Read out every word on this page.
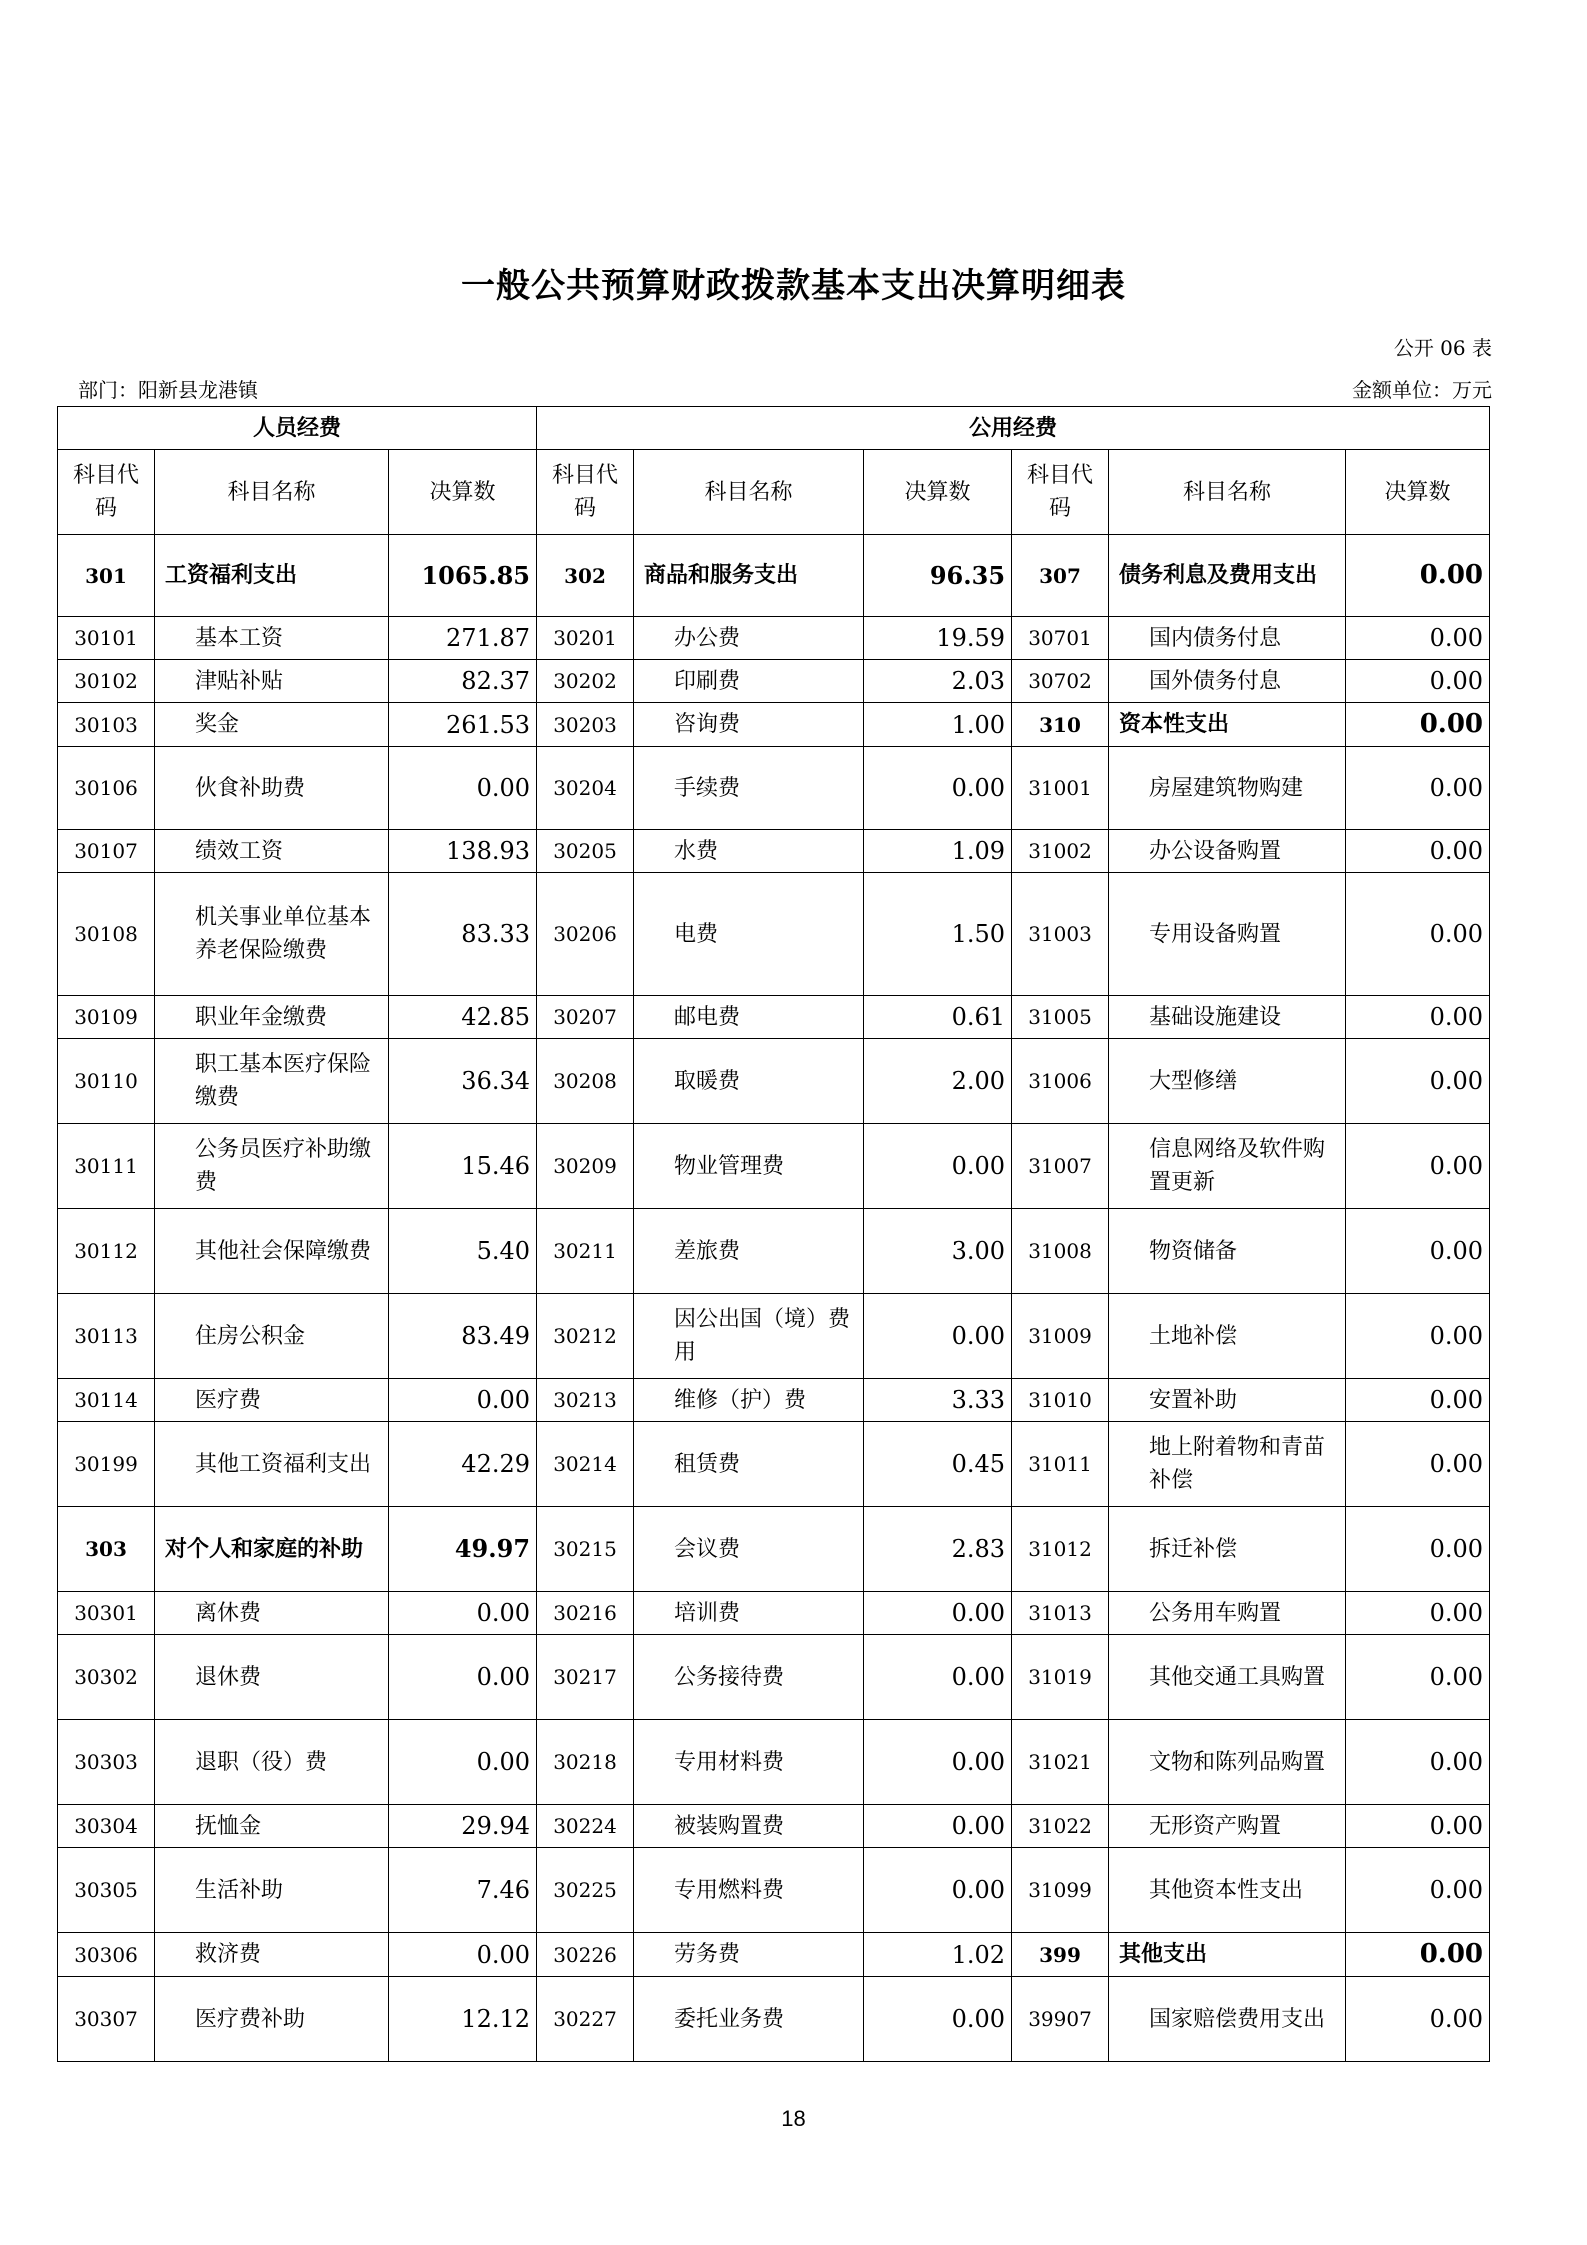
一般公共预算财政拨款基本支出决算明细表
公开 06 表
部门：阳新县龙港镇	金额单位：万元
人员经费			公用经费					
科目代码	科目名称	决算数	科目代码	科目名称	决算数	科目代码	科目名称	决算数
301	工资福利支出	1065.85	302	商品和服务支出	96.35	307	债务利息及费用支出	0.00
30101	基本工资	271.87	30201	办公费	19.59	30701	国内债务付息	0.00
30102	津贴补贴	82.37	30202	印刷费	2.03	30702	国外债务付息	0.00
30103	奖金	261.53	30203	咨询费	1.00	310	资本性支出	0.00
30106	伙食补助费	0.00	30204	手续费	0.00	31001	房屋建筑物购建	0.00
30107	绩效工资	138.93	30205	水费	1.09	31002	办公设备购置	0.00
30108	机关事业单位基本养老保险缴费	83.33	30206	电费	1.50	31003	专用设备购置	0.00
30109	职业年金缴费	42.85	30207	邮电费	0.61	31005	基础设施建设	0.00
30110	职工基本医疗保险缴费	36.34	30208	取暖费	2.00	31006	大型修缮	0.00
30111	公务员医疗补助缴费	15.46	30209	物业管理费	0.00	31007	信息网络及软件购置更新	0.00
30112	其他社会保障缴费	5.40	30211	差旅费	3.00	31008	物资储备	0.00
30113	住房公积金	83.49	30212	因公出国（境）费用	0.00	31009	土地补偿	0.00
30114	医疗费	0.00	30213	维修（护）费	3.33	31010	安置补助	0.00
30199	其他工资福利支出	42.29	30214	租赁费	0.45	31011	地上附着物和青苗补偿	0.00
303	对个人和家庭的补助	49.97	30215	会议费	2.83	31012	拆迁补偿	0.00
30301	离休费	0.00	30216	培训费	0.00	31013	公务用车购置	0.00
30302	退休费	0.00	30217	公务接待费	0.00	31019	其他交通工具购置	0.00
30303	退职（役）费	0.00	30218	专用材料费	0.00	31021	文物和陈列品购置	0.00
30304	抚恤金	29.94	30224	被装购置费	0.00	31022	无形资产购置	0.00
30305	生活补助	7.46	30225	专用燃料费	0.00	31099	其他资本性支出	0.00
30306	救济费	0.00	30226	劳务费	1.02	399	其他支出	0.00
30307	医疗费补助	12.12	30227	委托业务费	0.00	39907	国家赔偿费用支出	0.00
18
